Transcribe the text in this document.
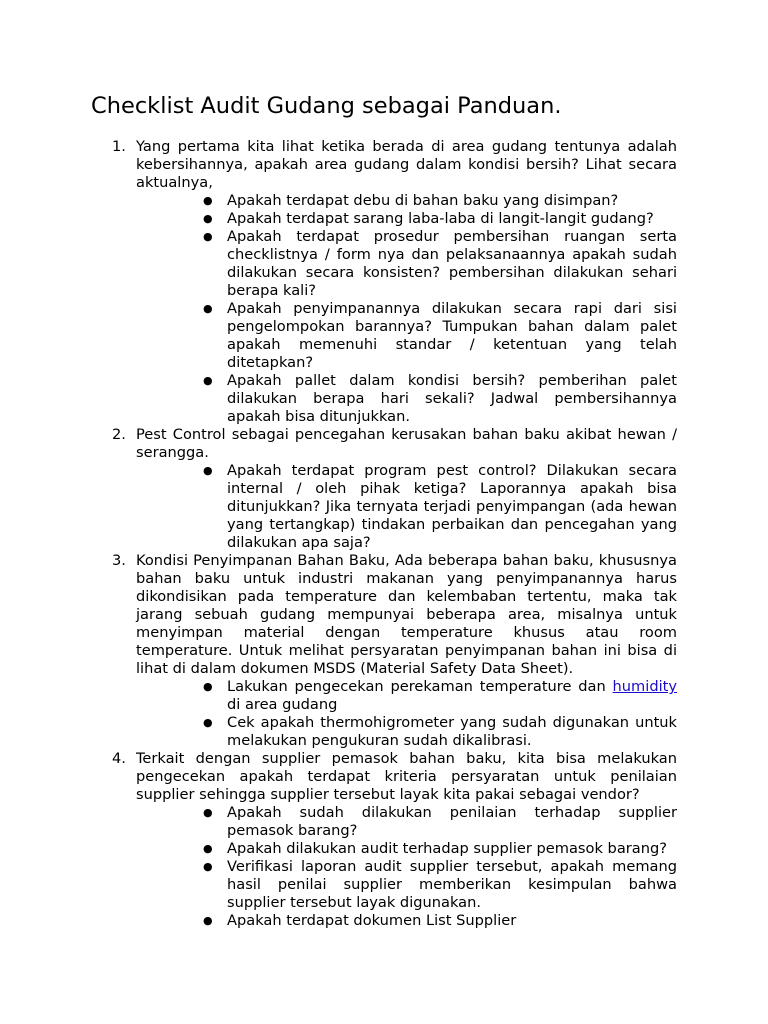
Checklist Audit Gudang sebagai Panduan.
1. Yang pertama kita lihat ketika berada di area gudang tentunya adalah kebersihannya, apakah area gudang dalam kondisi bersih? Lihat secara aktualnya,
● Apakah terdapat debu di bahan baku yang disimpan?
● Apakah terdapat sarang laba-laba di langit-langit gudang?
● Apakah terdapat prosedur pembersihan ruangan serta checklistnya / form nya dan pelaksanaannya apakah sudah dilakukan secara konsisten? pembersihan dilakukan sehari berapa kali?
● Apakah penyimpanannya dilakukan secara rapi dari sisi pengelompokan barannya? Tumpukan bahan dalam palet apakah memenuhi standar / ketentuan yang telah ditetapkan?
● Apakah pallet dalam kondisi bersih? pemberihan palet dilakukan berapa hari sekali? Jadwal pembersihannya apakah bisa ditunjukkan.
2. Pest Control sebagai pencegahan kerusakan bahan baku akibat hewan / serangga.
● Apakah terdapat program pest control? Dilakukan secara internal / oleh pihak ketiga? Laporannya apakah bisa ditunjukkan? Jika ternyata terjadi penyimpangan (ada hewan yang tertangkap) tindakan perbaikan dan pencegahan yang dilakukan apa saja?
3. Kondisi Penyimpanan Bahan Baku, Ada beberapa bahan baku, khususnya bahan baku untuk industri makanan yang penyimpanannya harus dikondisikan pada temperature dan kelembaban tertentu, maka tak jarang sebuah gudang mempunyai beberapa area, misalnya untuk menyimpan material dengan temperature khusus atau room temperature. Untuk melihat persyaratan penyimpanan bahan ini bisa di lihat di dalam dokumen MSDS (Material Safety Data Sheet).
● Lakukan pengecekan perekaman temperature dan humidity di area gudang
● Cek apakah thermohigrometer yang sudah digunakan untuk melakukan pengukuran sudah dikalibrasi.
4. Terkait dengan supplier pemasok bahan baku, kita bisa melakukan pengecekan apakah terdapat kriteria persyaratan untuk penilaian supplier sehingga supplier tersebut layak kita pakai sebagai vendor?
● Apakah sudah dilakukan penilaian terhadap supplier pemasok barang?
● Apakah dilakukan audit terhadap supplier pemasok barang?
● Verifikasi laporan audit supplier tersebut, apakah memang hasil penilai supplier memberikan kesimpulan bahwa supplier tersebut layak digunakan.
● Apakah terdapat dokumen List Supplier
